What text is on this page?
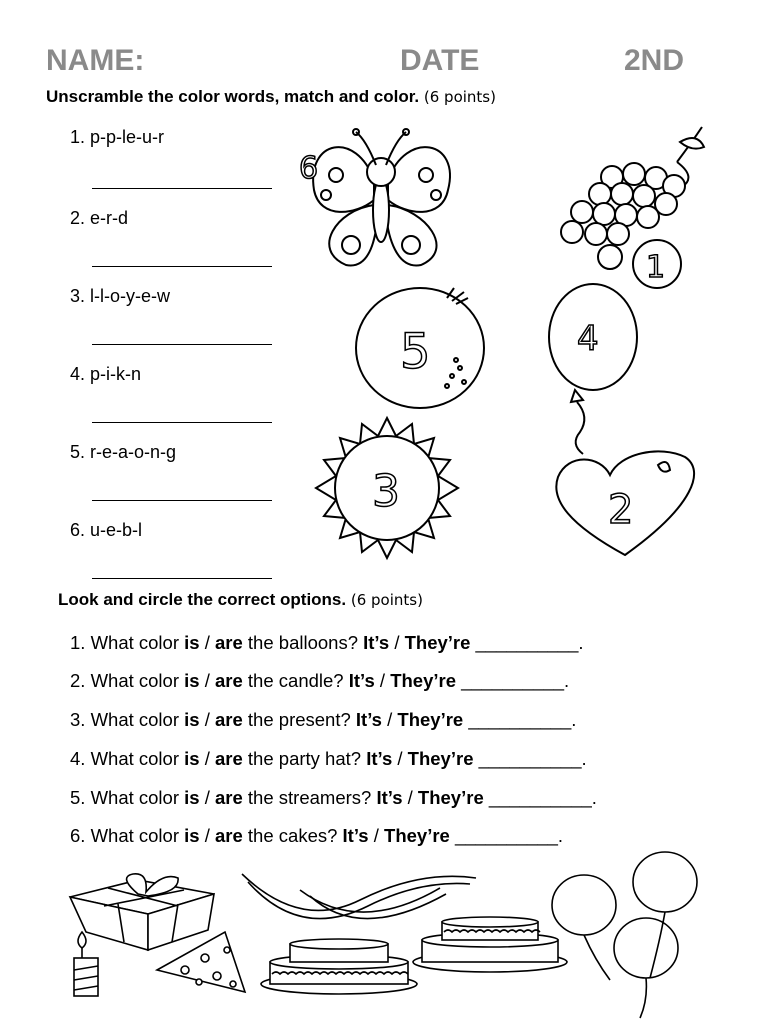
NAME:	DATE	2ND
Unscramble the color words, match and color. (6 points)
1. p-p-le-u-r
2. e-r-d
3. l-l-o-y-e-w
4. p-i-k-n
5. r-e-a-o-n-g
6. u-e-b-l
6
1
5	4
3	2
Look and circle the correct options. (6 points)
1. What color is / are the balloons? It’s / They’re __________.
2. What color is / are the candle? It’s / They’re __________.
3. What color is / are the present? It’s / They’re __________.
4. What color is / are the party hat? It’s / They’re __________.
5. What color is / are the streamers? It’s / They’re __________.
6. What color is / are the cakes? It’s / They’re __________.
